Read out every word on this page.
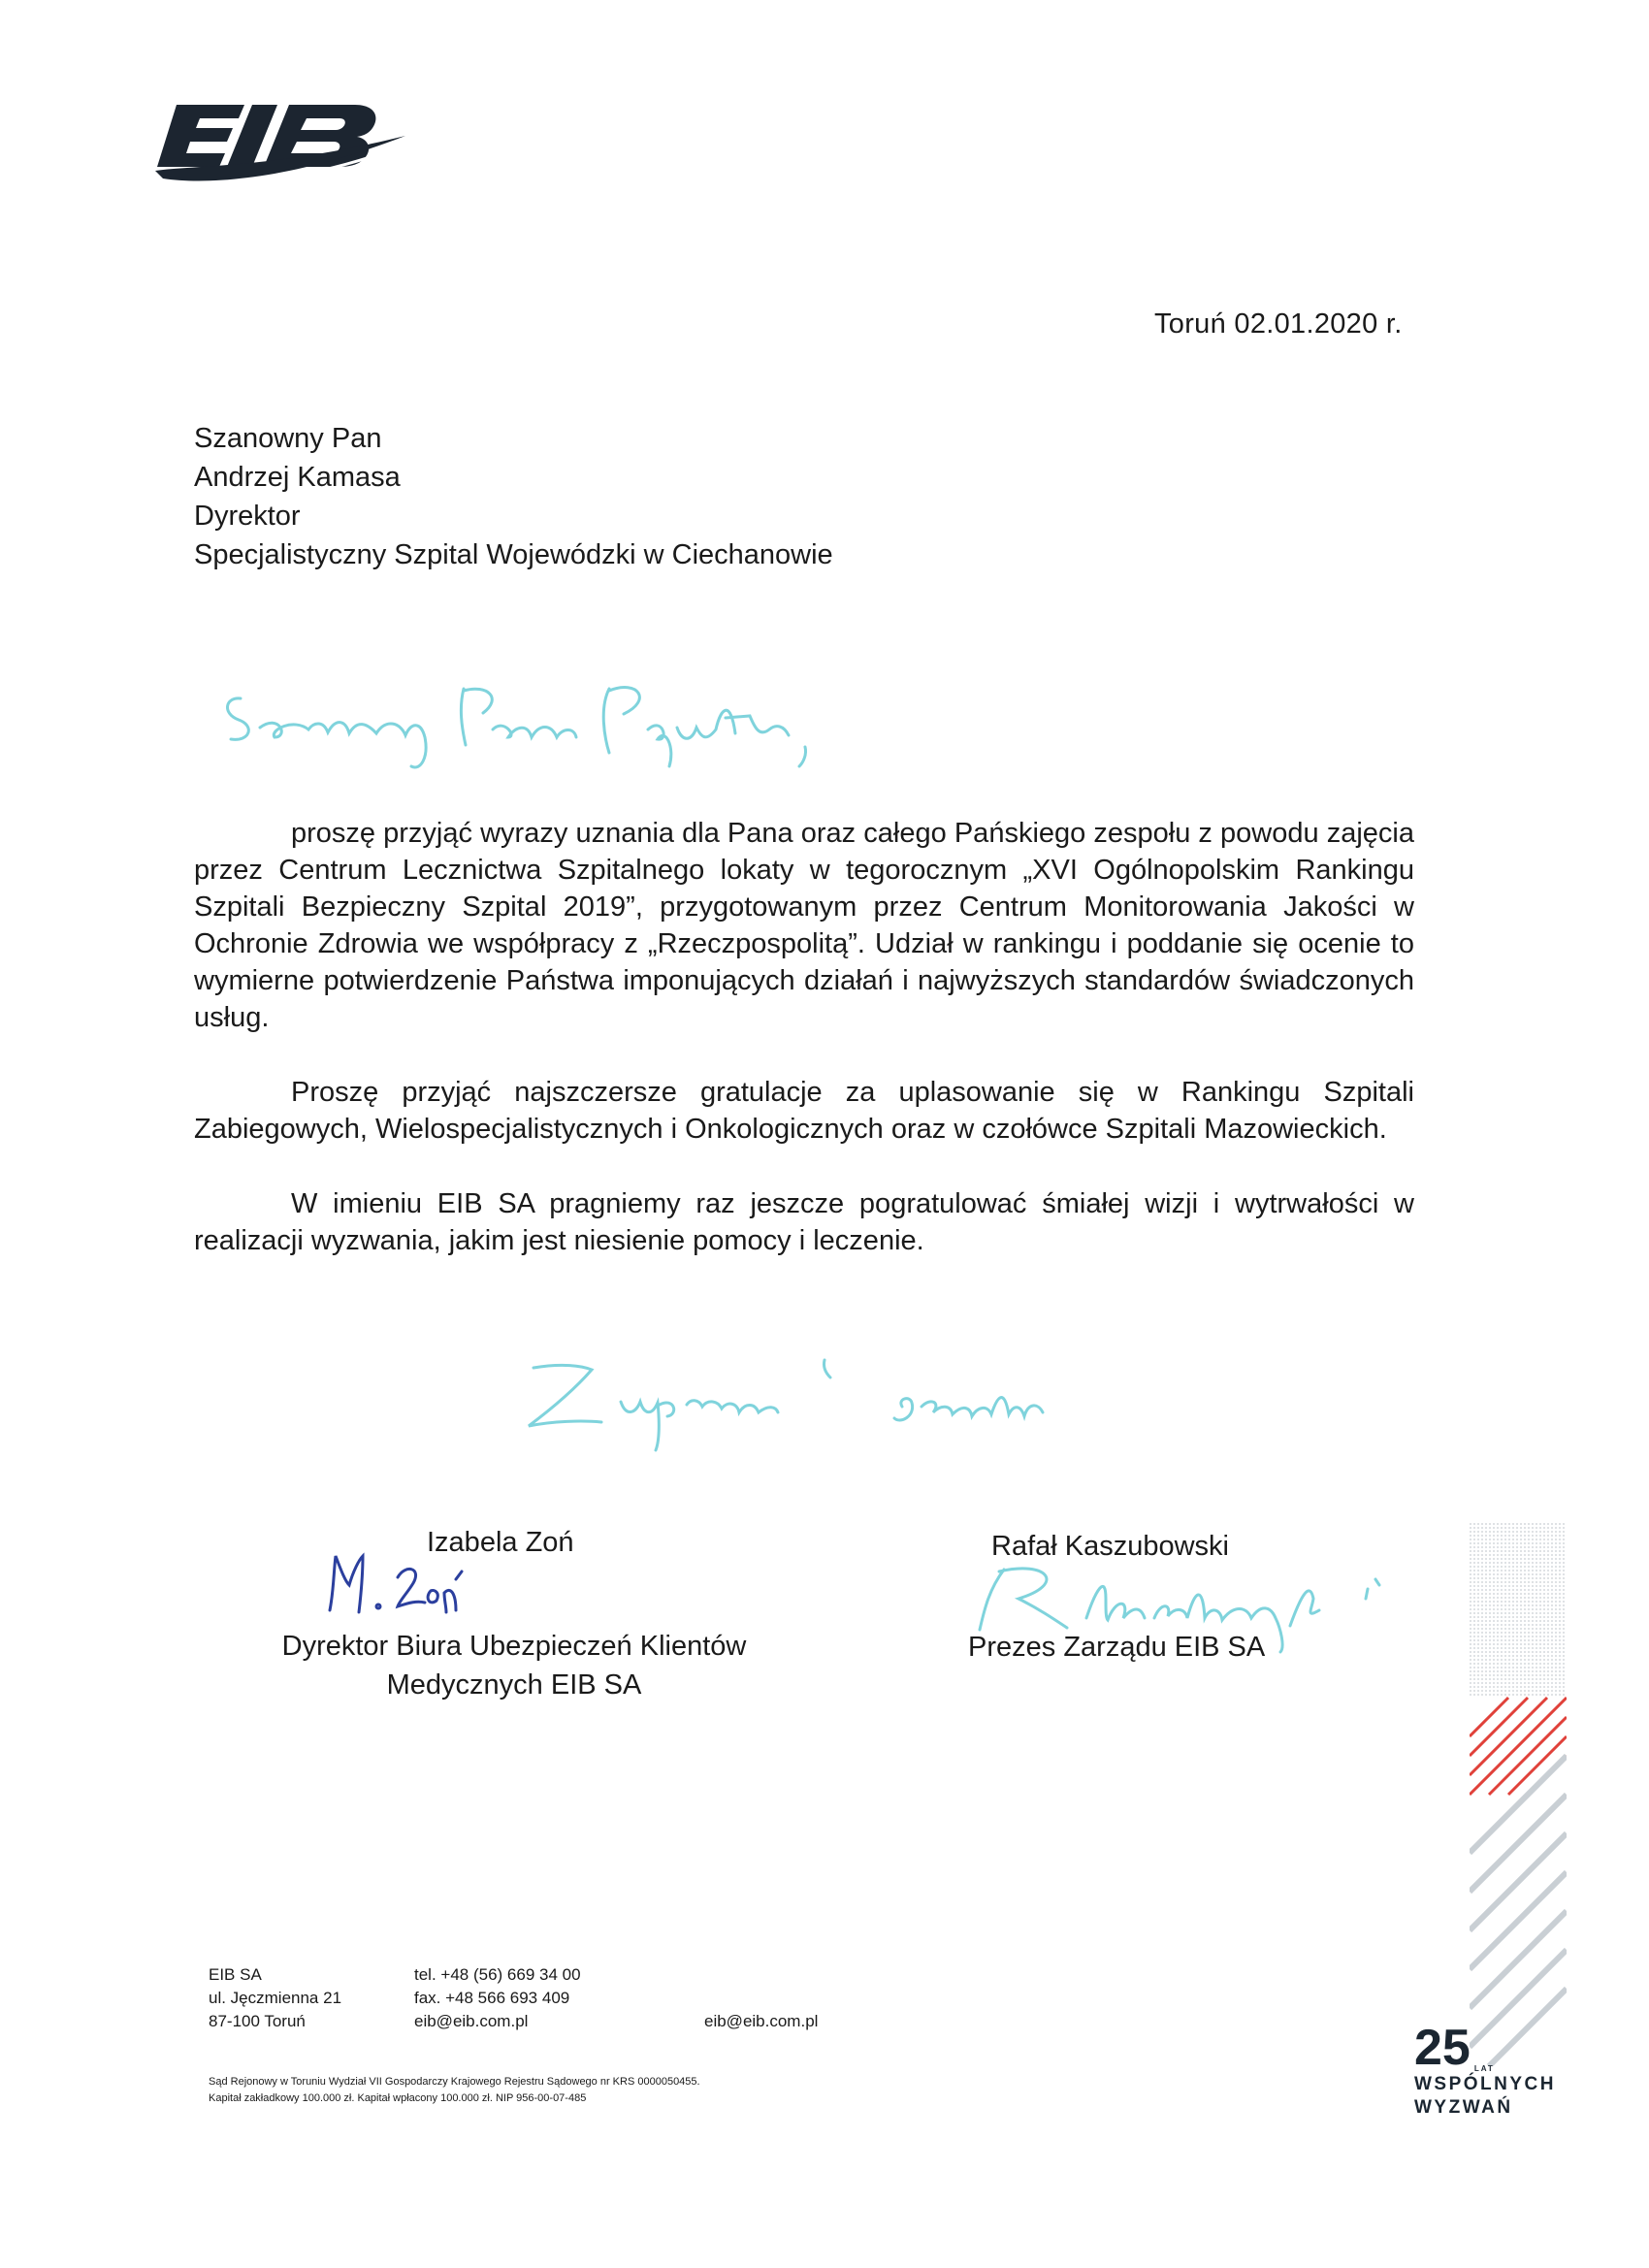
Toruń 02.01.2020 r.
Szanowny Pan
Andrzej Kamasa
Dyrektor
Specjalistyczny Szpital Wojewódzki w Ciechanowie

proszę przyjąć wyrazy uznania dla Pana oraz całego Pańskiego zespołu z powodu zajęcia przez Centrum Lecznictwa Szpitalnego lokaty w tegorocznym „XVI Ogólnopolskim Rankingu Szpitali Bezpieczny Szpital 2019”, przygotowanym przez Centrum Monitorowania Jakości w Ochronie Zdrowia we współpracy z „Rzeczpospolitą”. Udział w rankingu i poddanie się ocenie to wymierne potwierdzenie Państwa imponujących działań i najwyższych standardów świadczonych usług.

Proszę przyjąć najszczersze gratulacje za uplasowanie się w Rankingu Szpitali Zabiegowych, Wielospecjalistycznych i Onkologicznych oraz w czołówce Szpitali Mazowieckich.

W imieniu EIB SA pragniemy raz jeszcze pogratulować śmiałej wizji i wytrwałości w realizacji wyzwania, jakim jest niesienie pomocy i leczenie.

Izabela Zoń
Dyrektor Biura Ubezpieczeń Klientów
Medycznych EIB SA
Rafał Kaszubowski
Prezes Zarządu EIB SA
EIB SA
ul. Jęczmienna 21
87-100 Toruń
tel. +48 (56) 669 34 00
fax. +48 566 693 409
eib@eib.com.pl	eib@eib.com.pl
Sąd Rejonowy w Toruniu Wydział VII Gospodarczy Krajowego Rejestru Sądowego nr KRS 0000050455.
Kapitał zakładkowy 100.000 zł. Kapitał wpłacony 100.000 zł. NIP 956-00-07-485
25 LAT
WSPÓLNYCH
WYZWAŃ
